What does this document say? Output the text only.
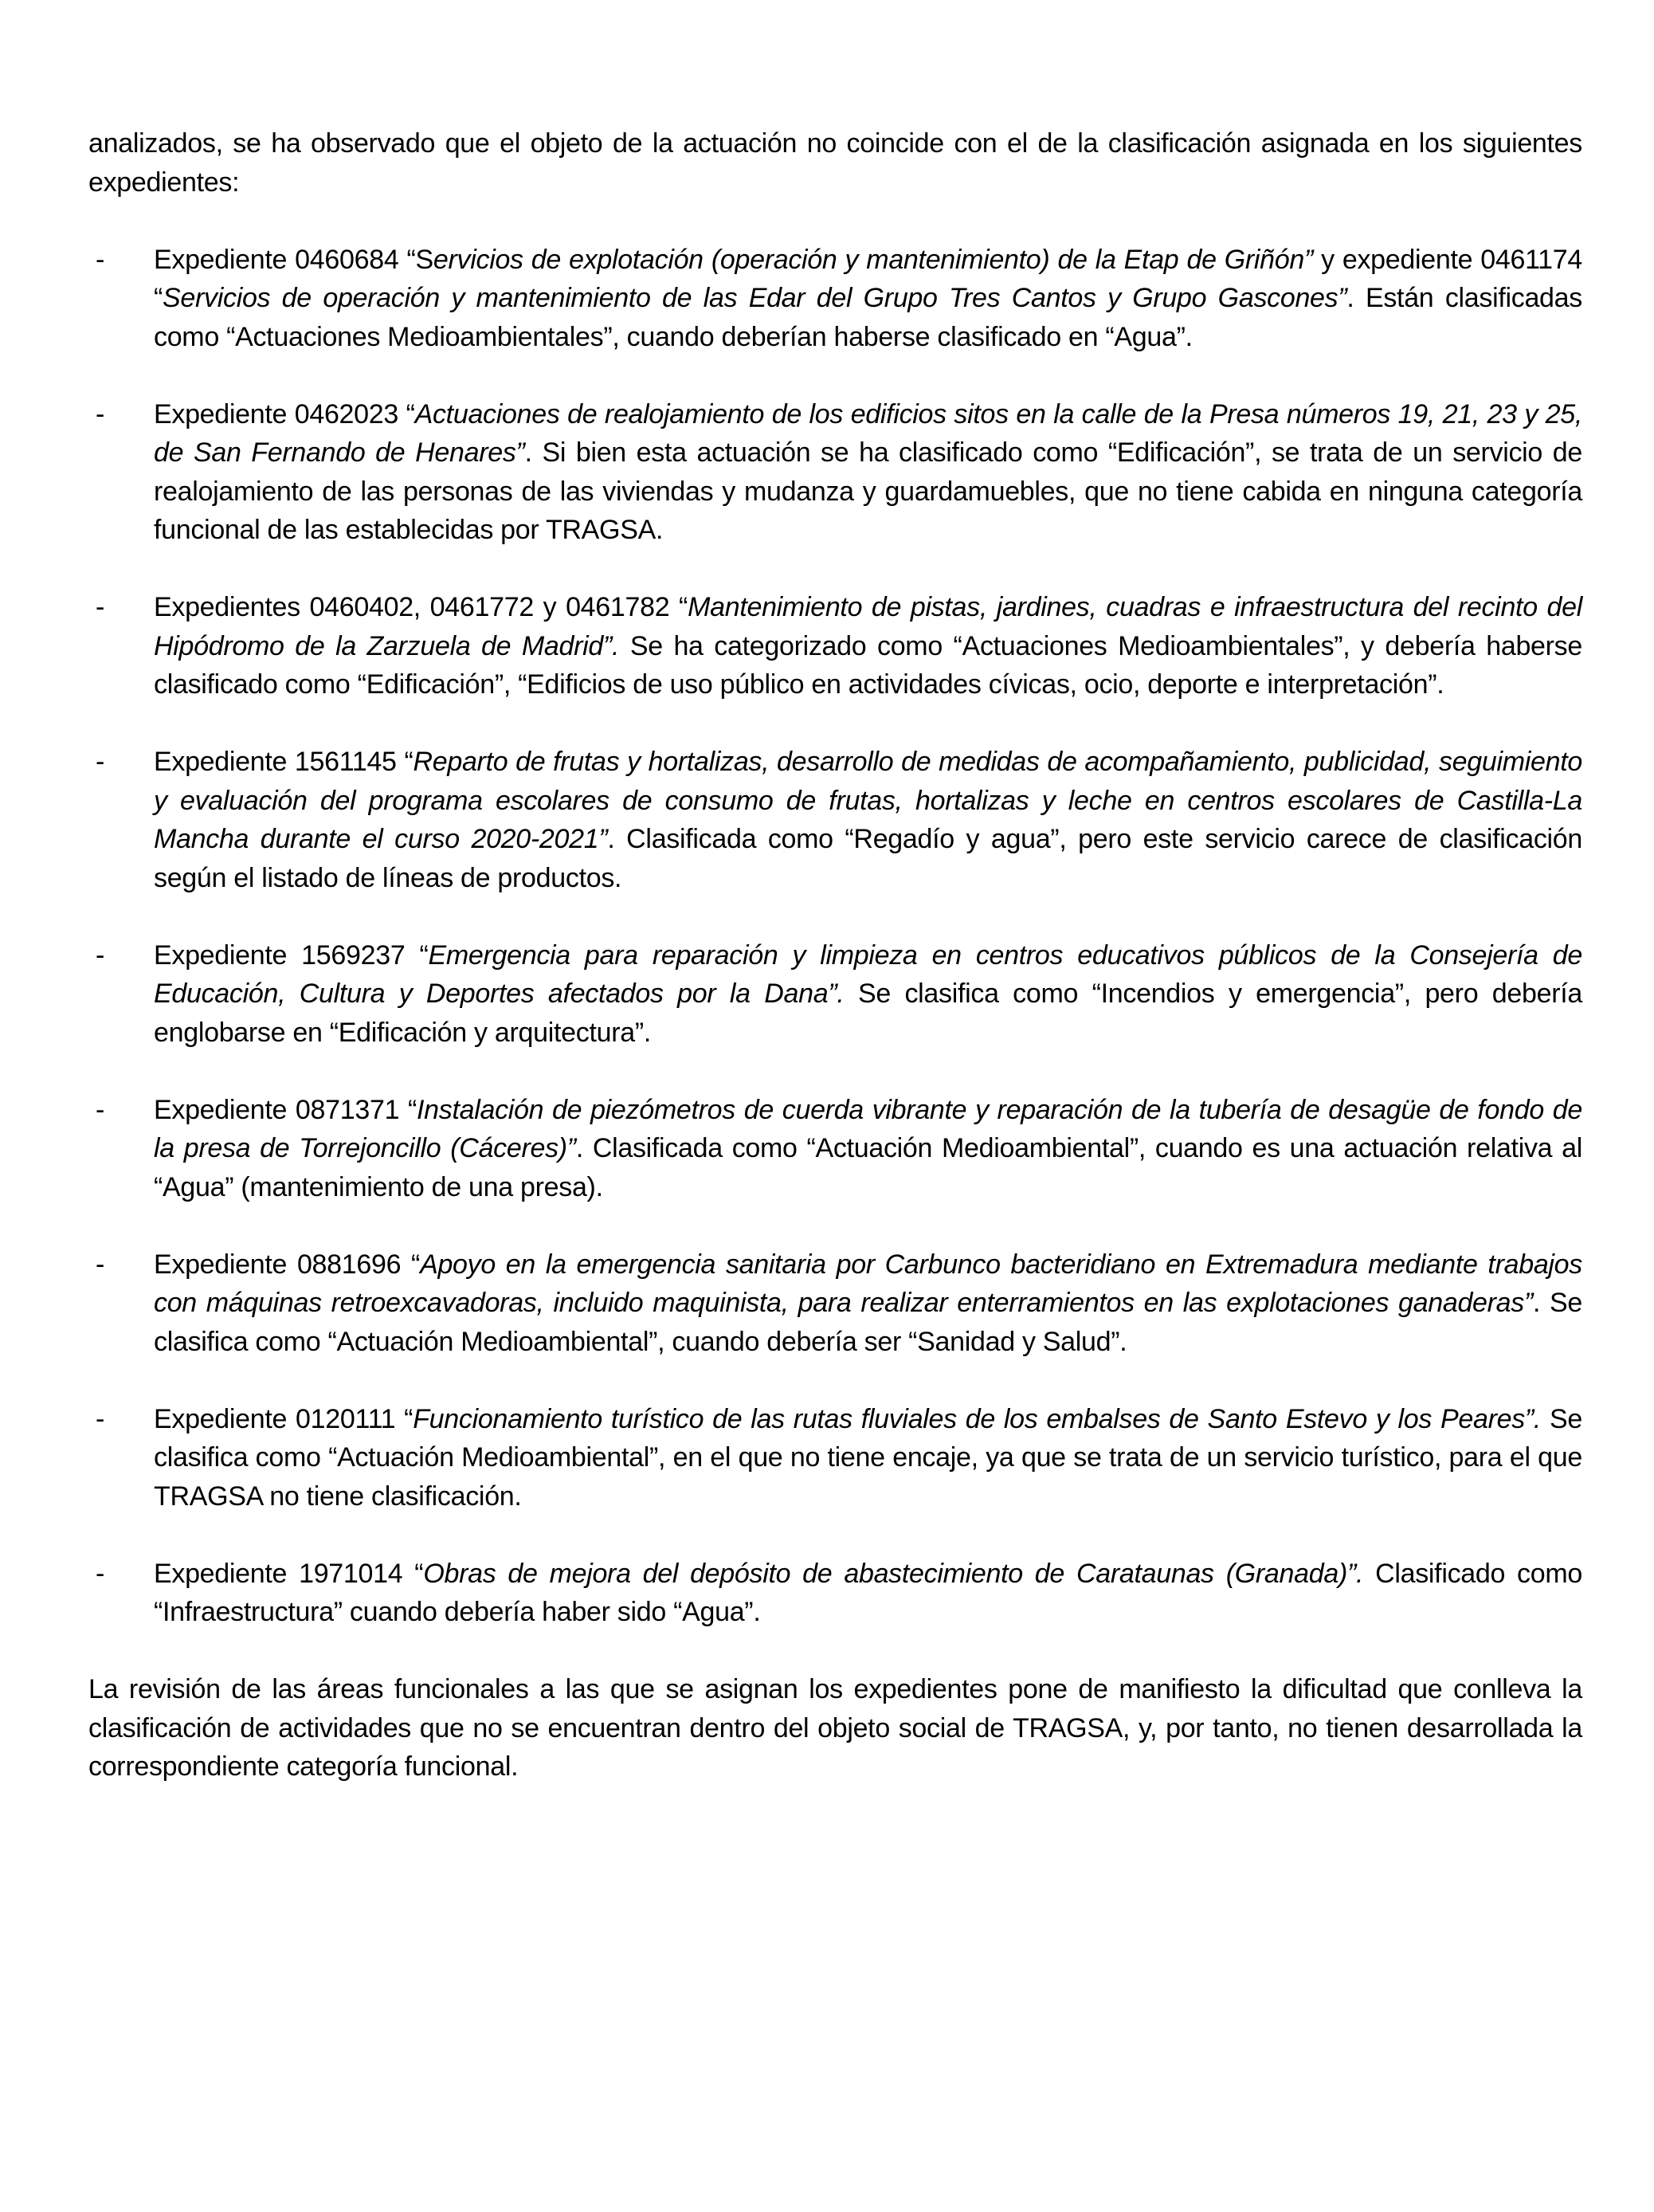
analizados, se ha observado que el objeto de la actuación no coincide con el de la clasificación asignada en los siguientes expedientes:

- Expediente 0460684 “Servicios de explotación (operación y mantenimiento) de la Etap de Griñón” y expediente 0461174 “Servicios de operación y mantenimiento de las Edar del Grupo Tres Cantos y Grupo Gascones”. Están clasificadas como “Actuaciones Medioambientales”, cuando deberían haberse clasificado en “Agua”.

- Expediente 0462023 “Actuaciones de realojamiento de los edificios sitos en la calle de la Presa números 19, 21, 23 y 25, de San Fernando de Henares”. Si bien esta actuación se ha clasificado como “Edificación”, se trata de un servicio de realojamiento de las personas de las viviendas y mudanza y guardamuebles, que no tiene cabida en ninguna categoría funcional de las establecidas por TRAGSA.

- Expedientes 0460402, 0461772 y 0461782 “Mantenimiento de pistas, jardines, cuadras e infraestructura del recinto del Hipódromo de la Zarzuela de Madrid”. Se ha categorizado como “Actuaciones Medioambientales”, y debería haberse clasificado como “Edificación”, “Edificios de uso público en actividades cívicas, ocio, deporte e interpretación”.

- Expediente 1561145 “Reparto de frutas y hortalizas, desarrollo de medidas de acompañamiento, publicidad, seguimiento y evaluación del programa escolares de consumo de frutas, hortalizas y leche en centros escolares de Castilla-La Mancha durante el curso 2020-2021”. Clasificada como “Regadío y agua”, pero este servicio carece de clasificación según el listado de líneas de productos.

- Expediente 1569237 “Emergencia para reparación y limpieza en centros educativos públicos de la Consejería de Educación, Cultura y Deportes afectados por la Dana”. Se clasifica como “Incendios y emergencia”, pero debería englobarse en “Edificación y arquitectura”.

- Expediente 0871371 “Instalación de piezómetros de cuerda vibrante y reparación de la tubería de desagüe de fondo de la presa de Torrejoncillo (Cáceres)”. Clasificada como “Actuación Medioambiental”, cuando es una actuación relativa al “Agua” (mantenimiento de una presa).

- Expediente 0881696 “Apoyo en la emergencia sanitaria por Carbunco bacteridiano en Extremadura mediante trabajos con máquinas retroexcavadoras, incluido maquinista, para realizar enterramientos en las explotaciones ganaderas”. Se clasifica como “Actuación Medioambiental”, cuando debería ser “Sanidad y Salud”.

- Expediente 0120111 “Funcionamiento turístico de las rutas fluviales de los embalses de Santo Estevo y los Peares”. Se clasifica como “Actuación Medioambiental”, en el que no tiene encaje, ya que se trata de un servicio turístico, para el que TRAGSA no tiene clasificación.

- Expediente 1971014 “Obras de mejora del depósito de abastecimiento de Carataunas (Granada)”. Clasificado como “Infraestructura” cuando debería haber sido “Agua”.

La revisión de las áreas funcionales a las que se asignan los expedientes pone de manifiesto la dificultad que conlleva la clasificación de actividades que no se encuentran dentro del objeto social de TRAGSA, y, por tanto, no tienen desarrollada la correspondiente categoría funcional.
